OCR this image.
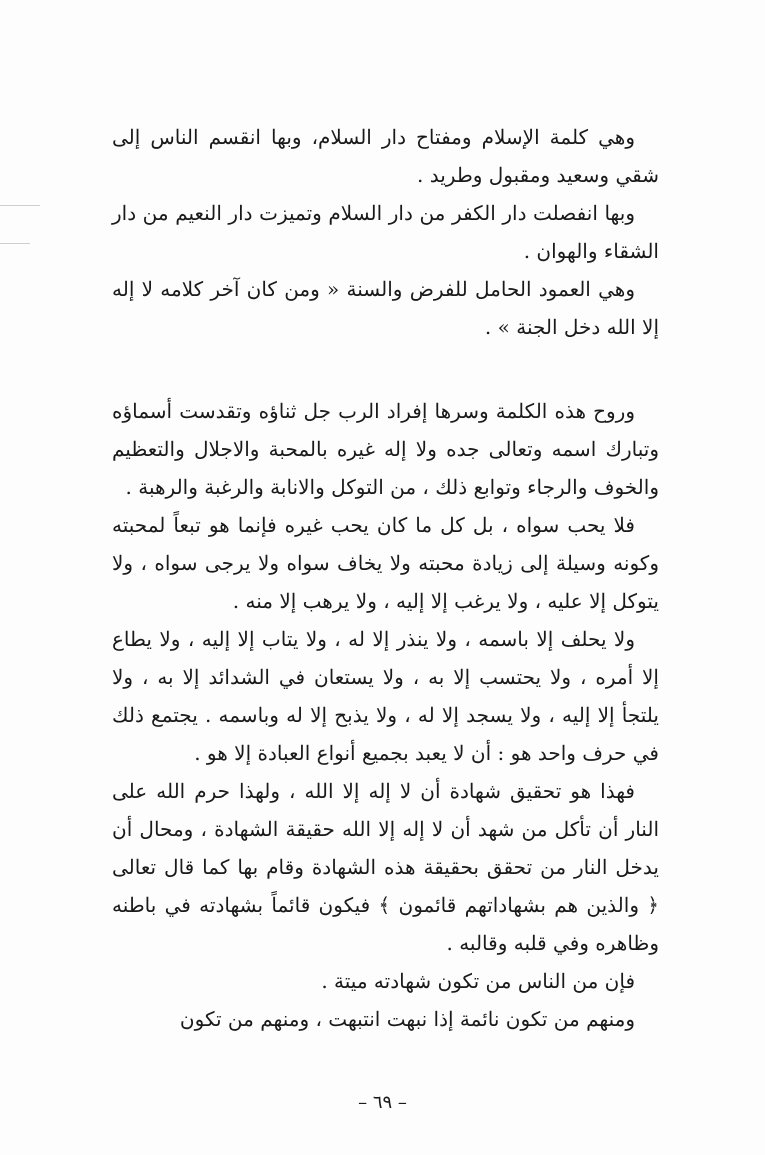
وهي كلمة الإسلام ومفتاح دار السلام، وبها انقسم الناس إلى شقي وسعيد ومقبول وطريد .

وبها انفصلت دار الكفر من دار السلام وتميزت دار النعيم من دار الشقاء والهوان .

وهي العمود الحامل للفرض والسنة « ومن كان آخر كلامه لا إله إلا الله دخل الجنة » .

وروح هذه الكلمة وسرها إفراد الرب جل ثناؤه وتقدست أسماؤه وتبارك اسمه وتعالى جده ولا إله غيره بالمحبة والاجلال والتعظيم والخوف والرجاء وتوابع ذلك ، من التوكل والانابة والرغبة والرهبة .

فلا يحب سواه ، بل كل ما كان يحب غيره فإنما هو تبعاً لمحبته وكونه وسيلة إلى زيادة محبته ولا يخاف سواه ولا يرجى سواه ، ولا يتوكل إلا عليه ، ولا يرغب إلا إليه ، ولا يرهب إلا منه .

ولا يحلف إلا باسمه ، ولا ينذر إلا له ، ولا يتاب إلا إليه ، ولا يطاع إلا أمره ، ولا يحتسب إلا به ، ولا يستعان في الشدائد إلا به ، ولا يلتجأ إلا إليه ، ولا يسجد إلا له ، ولا يذبح إلا له وباسمه . يجتمع ذلك في حرف واحد هو : أن لا يعبد بجميع أنواع العبادة إلا هو .

فهذا هو تحقيق شهادة أن لا إله إلا الله ، ولهذا حرم الله على النار أن تأكل من شهد أن لا إله إلا الله حقيقة الشهادة ، ومحال أن يدخل النار من تحقق بحقيقة هذه الشهادة وقام بها كما قال تعالى ﴿ والذين هم بشهاداتهم قائمون ﴾ فيكون قائماً بشهادته في باطنه وظاهره وفي قلبه وقالبه .

فإن من الناس من تكون شهادته ميتة .

ومنهم من تكون نائمة إذا نبهت انتبهت ، ومنهم من تكون

– ٦٩ –
